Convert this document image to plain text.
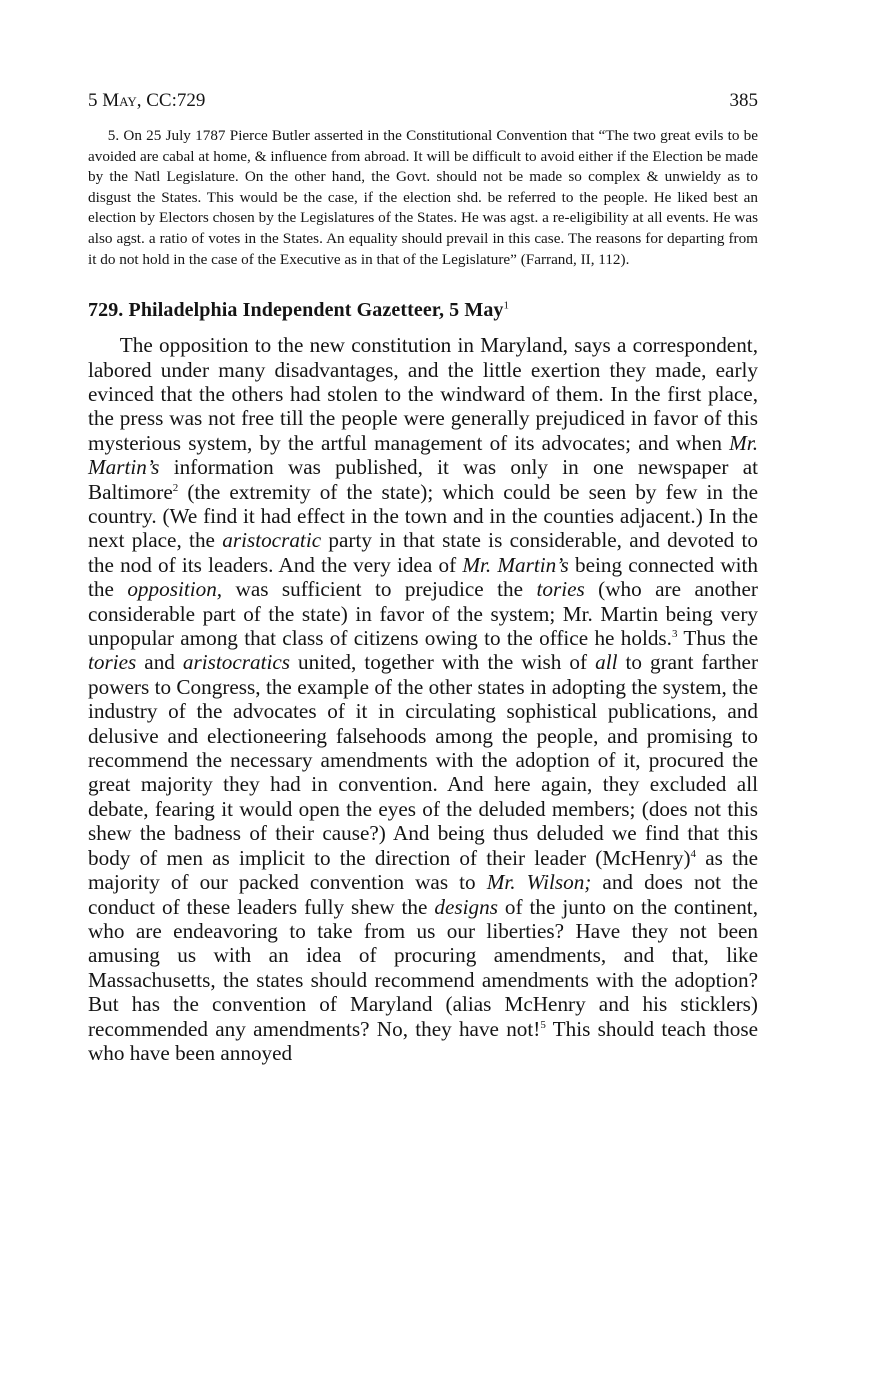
5 May, CC:729	385

5. On 25 July 1787 Pierce Butler asserted in the Constitutional Convention that “The two great evils to be avoided are cabal at home, & influence from abroad. It will be difficult to avoid either if the Election be made by the Natl Legislature. On the other hand, the Govt. should not be made so complex & unwieldy as to disgust the States. This would be the case, if the election shd. be referred to the people. He liked best an election by Electors chosen by the Legislatures of the States. He was agst. a re-eligibility at all events. He was also agst. a ratio of votes in the States. An equality should prevail in this case. The reasons for departing from it do not hold in the case of the Executive as in that of the Legislature” (Farrand, II, 112).

729. Philadelphia Independent Gazetteer, 5 May$^1$

The opposition to the new constitution in Maryland, says a correspondent, labored under many disadvantages, and the little exertion they made, early evinced that the others had stolen to the windward of them. In the first place, the press was not free till the people were generally prejudiced in favor of this mysterious system, by the artful management of its advocates; and when Mr. Martin’s information was published, it was only in one newspaper at Baltimore$^2$ (the extremity of the state); which could be seen by few in the country. (We find it had effect in the town and in the counties adjacent.) In the next place, the aristocratic party in that state is considerable, and devoted to the nod of its leaders. And the very idea of Mr. Martin’s being connected with the opposition, was sufficient to prejudice the tories (who are another considerable part of the state) in favor of the system; Mr. Martin being very unpopular among that class of citizens owing to the office he holds.$^3$ Thus the tories and aristocratics united, together with the wish of all to grant farther powers to Congress, the example of the other states in adopting the system, the industry of the advocates of it in circulating sophistical publications, and delusive and electioneering falsehoods among the people, and promising to recommend the necessary amendments with the adoption of it, procured the great majority they had in convention. And here again, they excluded all debate, fearing it would open the eyes of the deluded members; (does not this shew the badness of their cause?) And being thus deluded we find that this body of men as implicit to the direction of their leader (McHenry)$^4$ as the majority of our packed convention was to Mr. Wilson; and does not the conduct of these leaders fully shew the designs of the junto on the continent, who are endeavoring to take from us our liberties? Have they not been amusing us with an idea of procuring amendments, and that, like Massachusetts, the states should recommend amendments with the adoption? But has the convention of Maryland (alias McHenry and his sticklers) recommended any amendments? No, they have not!$^5$ This should teach those who have been annoyed
